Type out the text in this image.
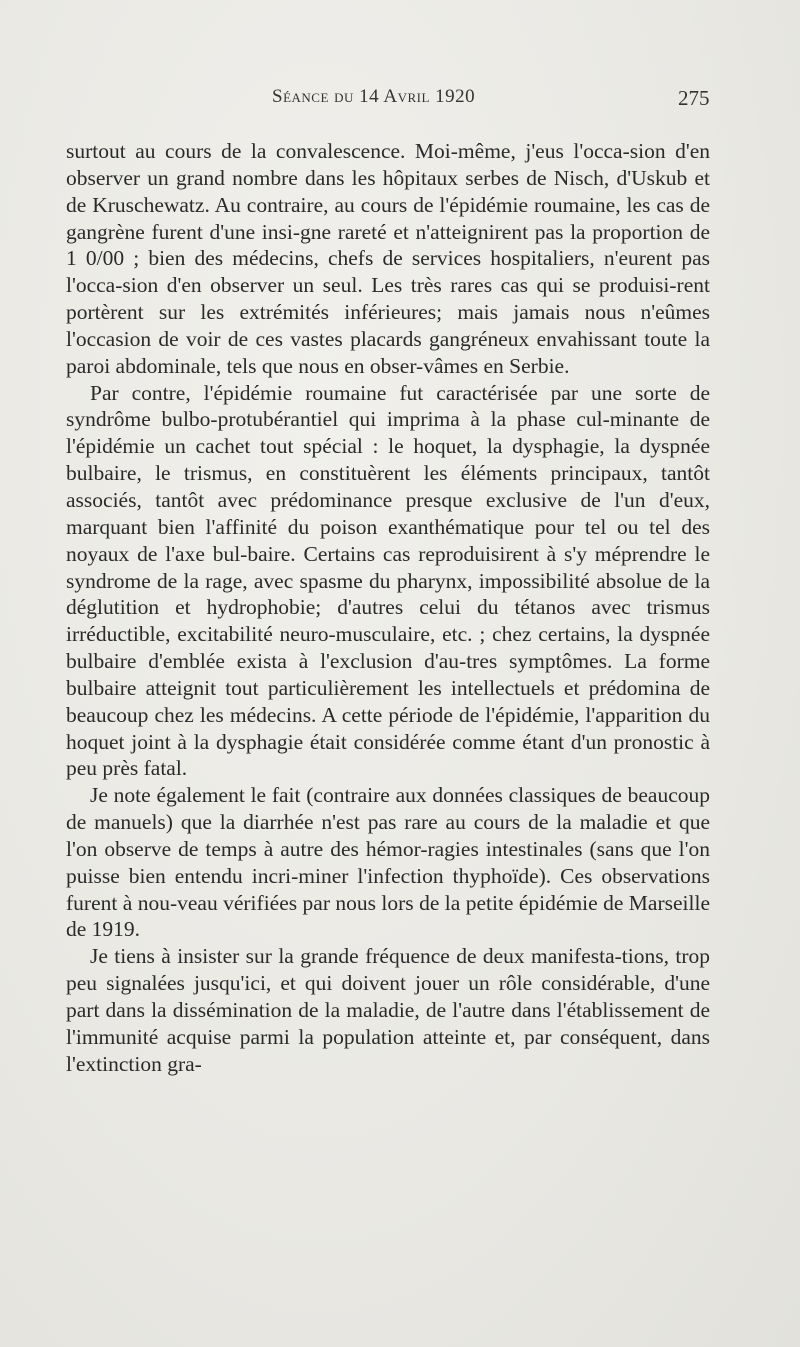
Séance du 14 Avril 1920	275

surtout au cours de la convalescence. Moi-même, j'eus l'occa-sion d'en observer un grand nombre dans les hôpitaux serbes de Nisch, d'Uskub et de Kruschewatz. Au contraire, au cours de l'épidémie roumaine, les cas de gangrène furent d'une insi-gne rareté et n'atteignirent pas la proportion de 1 0/00 ; bien des médecins, chefs de services hospitaliers, n'eurent pas l'occa-sion d'en observer un seul. Les très rares cas qui se produisi-rent portèrent sur les extrémités inférieures; mais jamais nous n'eûmes l'occasion de voir de ces vastes placards gangréneux envahissant toute la paroi abdominale, tels que nous en obser-vâmes en Serbie.

Par contre, l'épidémie roumaine fut caractérisée par une sorte de syndrôme bulbo-protubérantiel qui imprima à la phase cul-minante de l'épidémie un cachet tout spécial : le hoquet, la dysphagie, la dyspnée bulbaire, le trismus, en constituèrent les éléments principaux, tantôt associés, tantôt avec prédominance presque exclusive de l'un d'eux, marquant bien l'affinité du poison exanthématique pour tel ou tel des noyaux de l'axe bul-baire. Certains cas reproduisirent à s'y méprendre le syndrome de la rage, avec spasme du pharynx, impossibilité absolue de la déglutition et hydrophobie; d'autres celui du tétanos avec trismus irréductible, excitabilité neuro-musculaire, etc. ; chez certains, la dyspnée bulbaire d'emblée exista à l'exclusion d'au-tres symptômes. La forme bulbaire atteignit tout particulièrement les intellectuels et prédomina de beaucoup chez les médecins. A cette période de l'épidémie, l'apparition du hoquet joint à la dysphagie était considérée comme étant d'un pronostic à peu près fatal.

Je note également le fait (contraire aux données classiques de beaucoup de manuels) que la diarrhée n'est pas rare au cours de la maladie et que l'on observe de temps à autre des hémor-ragies intestinales (sans que l'on puisse bien entendu incri-miner l'infection thyphoïde). Ces observations furent à nou-veau vérifiées par nous lors de la petite épidémie de Marseille de 1919.

Je tiens à insister sur la grande fréquence de deux manifesta-tions, trop peu signalées jusqu'ici, et qui doivent jouer un rôle considérable, d'une part dans la dissémination de la maladie, de l'autre dans l'établissement de l'immunité acquise parmi la population atteinte et, par conséquent, dans l'extinction gra-
